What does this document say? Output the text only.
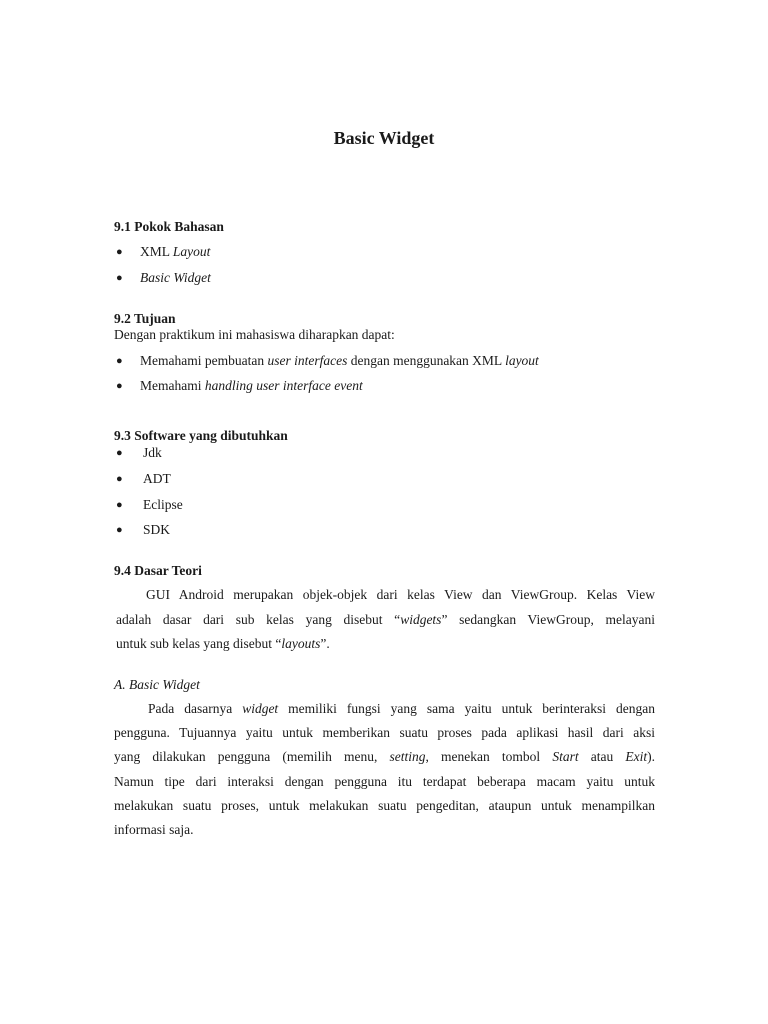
Basic Widget
9.1 Pokok Bahasan
● XML Layout
● Basic Widget
9.2 Tujuan
Dengan praktikum ini mahasiswa diharapkan dapat:
● Memahami pembuatan user interfaces dengan menggunakan XML layout
● Memahami handling user interface event
9.3 Software yang dibutuhkan
● Jdk
● ADT
● Eclipse
● SDK
9.4 Dasar Teori
GUI Android merupakan objek-objek dari kelas View dan ViewGroup. Kelas View
adalah dasar dari sub kelas yang disebut “widgets” sedangkan ViewGroup, melayani
untuk sub kelas yang disebut “layouts”.
A. Basic Widget
Pada dasarnya widget memiliki fungsi yang sama yaitu untuk berinteraksi dengan
pengguna. Tujuannya yaitu untuk memberikan suatu proses pada aplikasi hasil dari aksi
yang dilakukan pengguna (memilih menu, setting, menekan tombol Start atau Exit).
Namun tipe dari interaksi dengan pengguna itu terdapat beberapa macam yaitu untuk
melakukan suatu proses, untuk melakukan suatu pengeditan, ataupun untuk menampilkan
informasi saja.
